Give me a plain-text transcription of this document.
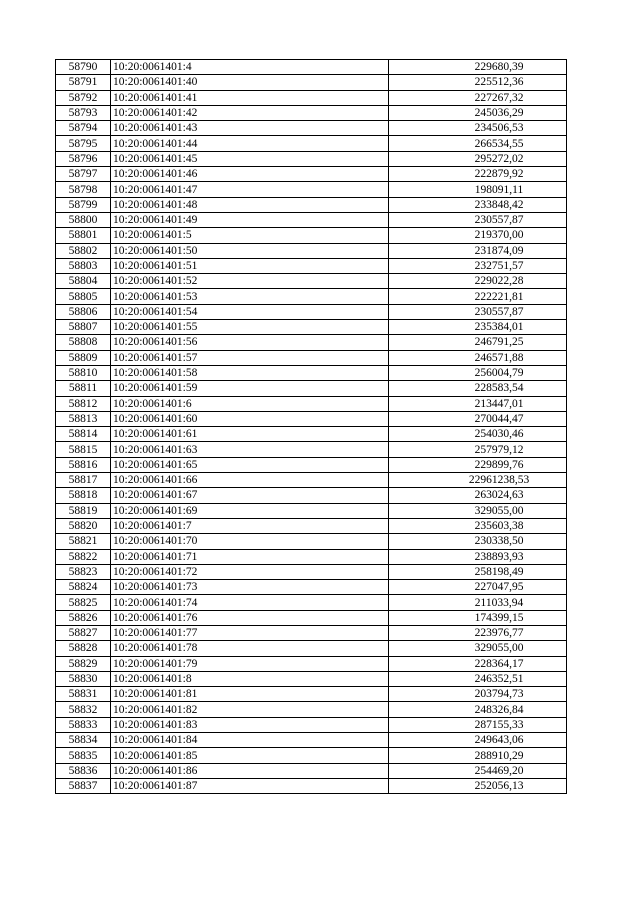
58790	10:20:0061401:4	229680,39
58791	10:20:0061401:40	225512,36
58792	10:20:0061401:41	227267,32
58793	10:20:0061401:42	245036,29
58794	10:20:0061401:43	234506,53
58795	10:20:0061401:44	266534,55
58796	10:20:0061401:45	295272,02
58797	10:20:0061401:46	222879,92
58798	10:20:0061401:47	198091,11
58799	10:20:0061401:48	233848,42
58800	10:20:0061401:49	230557,87
58801	10:20:0061401:5	219370,00
58802	10:20:0061401:50	231874,09
58803	10:20:0061401:51	232751,57
58804	10:20:0061401:52	229022,28
58805	10:20:0061401:53	222221,81
58806	10:20:0061401:54	230557,87
58807	10:20:0061401:55	235384,01
58808	10:20:0061401:56	246791,25
58809	10:20:0061401:57	246571,88
58810	10:20:0061401:58	256004,79
58811	10:20:0061401:59	228583,54
58812	10:20:0061401:6	213447,01
58813	10:20:0061401:60	270044,47
58814	10:20:0061401:61	254030,46
58815	10:20:0061401:63	257979,12
58816	10:20:0061401:65	229899,76
58817	10:20:0061401:66	22961238,53
58818	10:20:0061401:67	263024,63
58819	10:20:0061401:69	329055,00
58820	10:20:0061401:7	235603,38
58821	10:20:0061401:70	230338,50
58822	10:20:0061401:71	238893,93
58823	10:20:0061401:72	258198,49
58824	10:20:0061401:73	227047,95
58825	10:20:0061401:74	211033,94
58826	10:20:0061401:76	174399,15
58827	10:20:0061401:77	223976,77
58828	10:20:0061401:78	329055,00
58829	10:20:0061401:79	228364,17
58830	10:20:0061401:8	246352,51
58831	10:20:0061401:81	203794,73
58832	10:20:0061401:82	248326,84
58833	10:20:0061401:83	287155,33
58834	10:20:0061401:84	249643,06
58835	10:20:0061401:85	288910,29
58836	10:20:0061401:86	254469,20
58837	10:20:0061401:87	252056,13
